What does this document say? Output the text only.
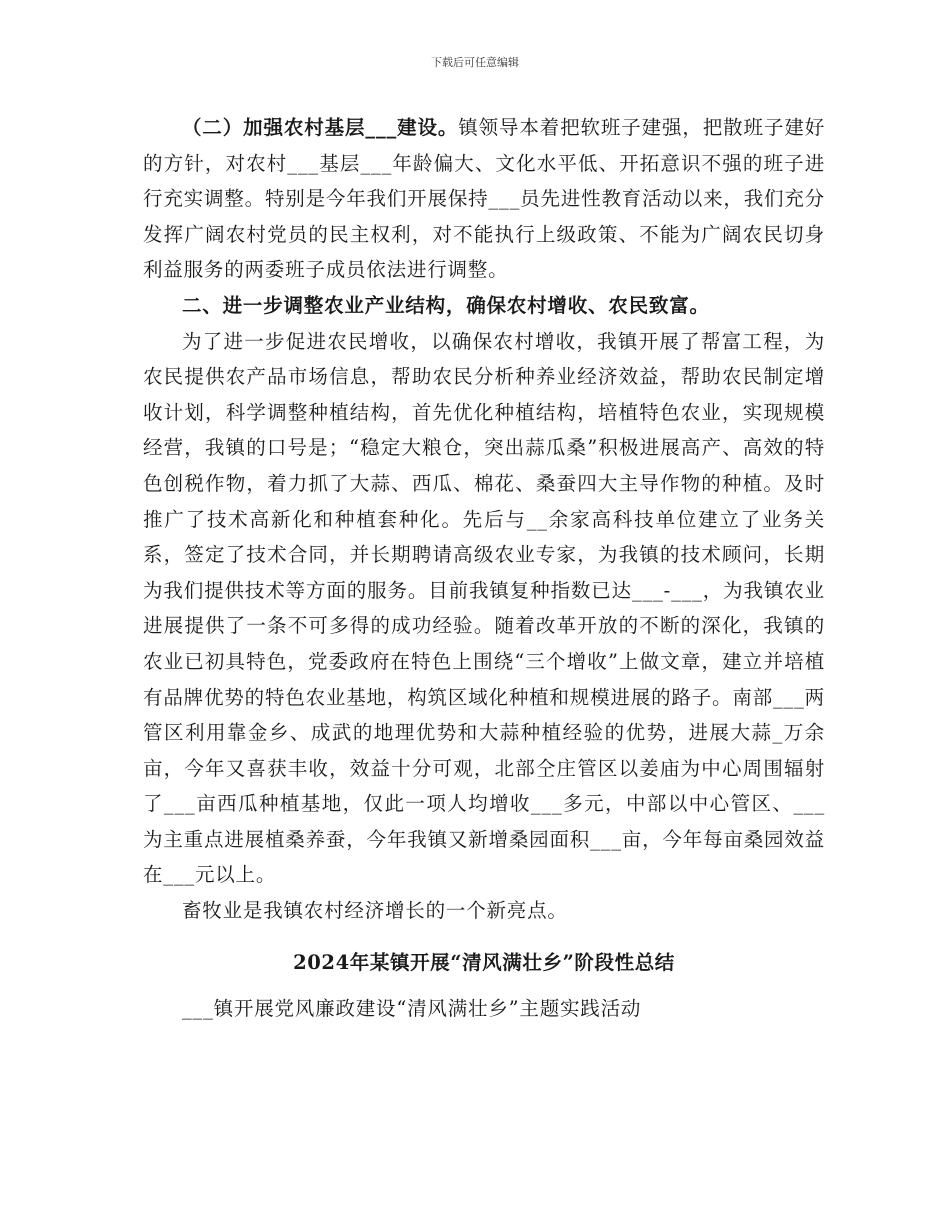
下载后可任意编辑

（二）加强农村基层___建设。镇领导本着把软班子建强，把散班子建好的方针，对农村___基层___年龄偏大、文化水平低、开拓意识不强的班子进行充实调整。特别是今年我们开展保持___员先进性教育活动以来，我们充分发挥广阔农村党员的民主权利，对不能执行上级政策、不能为广阔农民切身利益服务的两委班子成员依法进行调整。

二、进一步调整农业产业结构，确保农村增收、农民致富。

为了进一步促进农民增收，以确保农村增收，我镇开展了帮富工程，为农民提供农产品市场信息，帮助农民分析种养业经济效益，帮助农民制定增收计划，科学调整种植结构，首先优化种植结构，培植特色农业，实现规模经营，我镇的口号是；“稳定大粮仓，突出蒜瓜桑”积极进展高产、高效的特色创税作物，着力抓了大蒜、西瓜、棉花、桑蚕四大主导作物的种植。及时推广了技术高新化和种植套种化。先后与__余家高科技单位建立了业务关系，签定了技术合同，并长期聘请高级农业专家，为我镇的技术顾问，长期为我们提供技术等方面的服务。目前我镇复种指数已达___-___，为我镇农业进展提供了一条不可多得的成功经验。随着改革开放的不断的深化，我镇的农业已初具特色，党委政府在特色上围绕“三个增收”上做文章，建立并培植有品牌优势的特色农业基地，构筑区域化种植和规模进展的路子。南部___两管区利用靠金乡、成武的地理优势和大蒜种植经验的优势，进展大蒜_万余亩，今年又喜获丰收，效益十分可观，北部仝庄管区以姜庙为中心周围辐射了___亩西瓜种植基地，仅此一项人均增收___多元，中部以中心管区、___为主重点进展植桑养蚕，今年我镇又新增桑园面积___亩，今年每亩桑园效益在___元以上。

畜牧业是我镇农村经济增长的一个新亮点。

2024年某镇开展“清风满壮乡”阶段性总结

___镇开展党风廉政建设“清风满壮乡”主题实践活动
